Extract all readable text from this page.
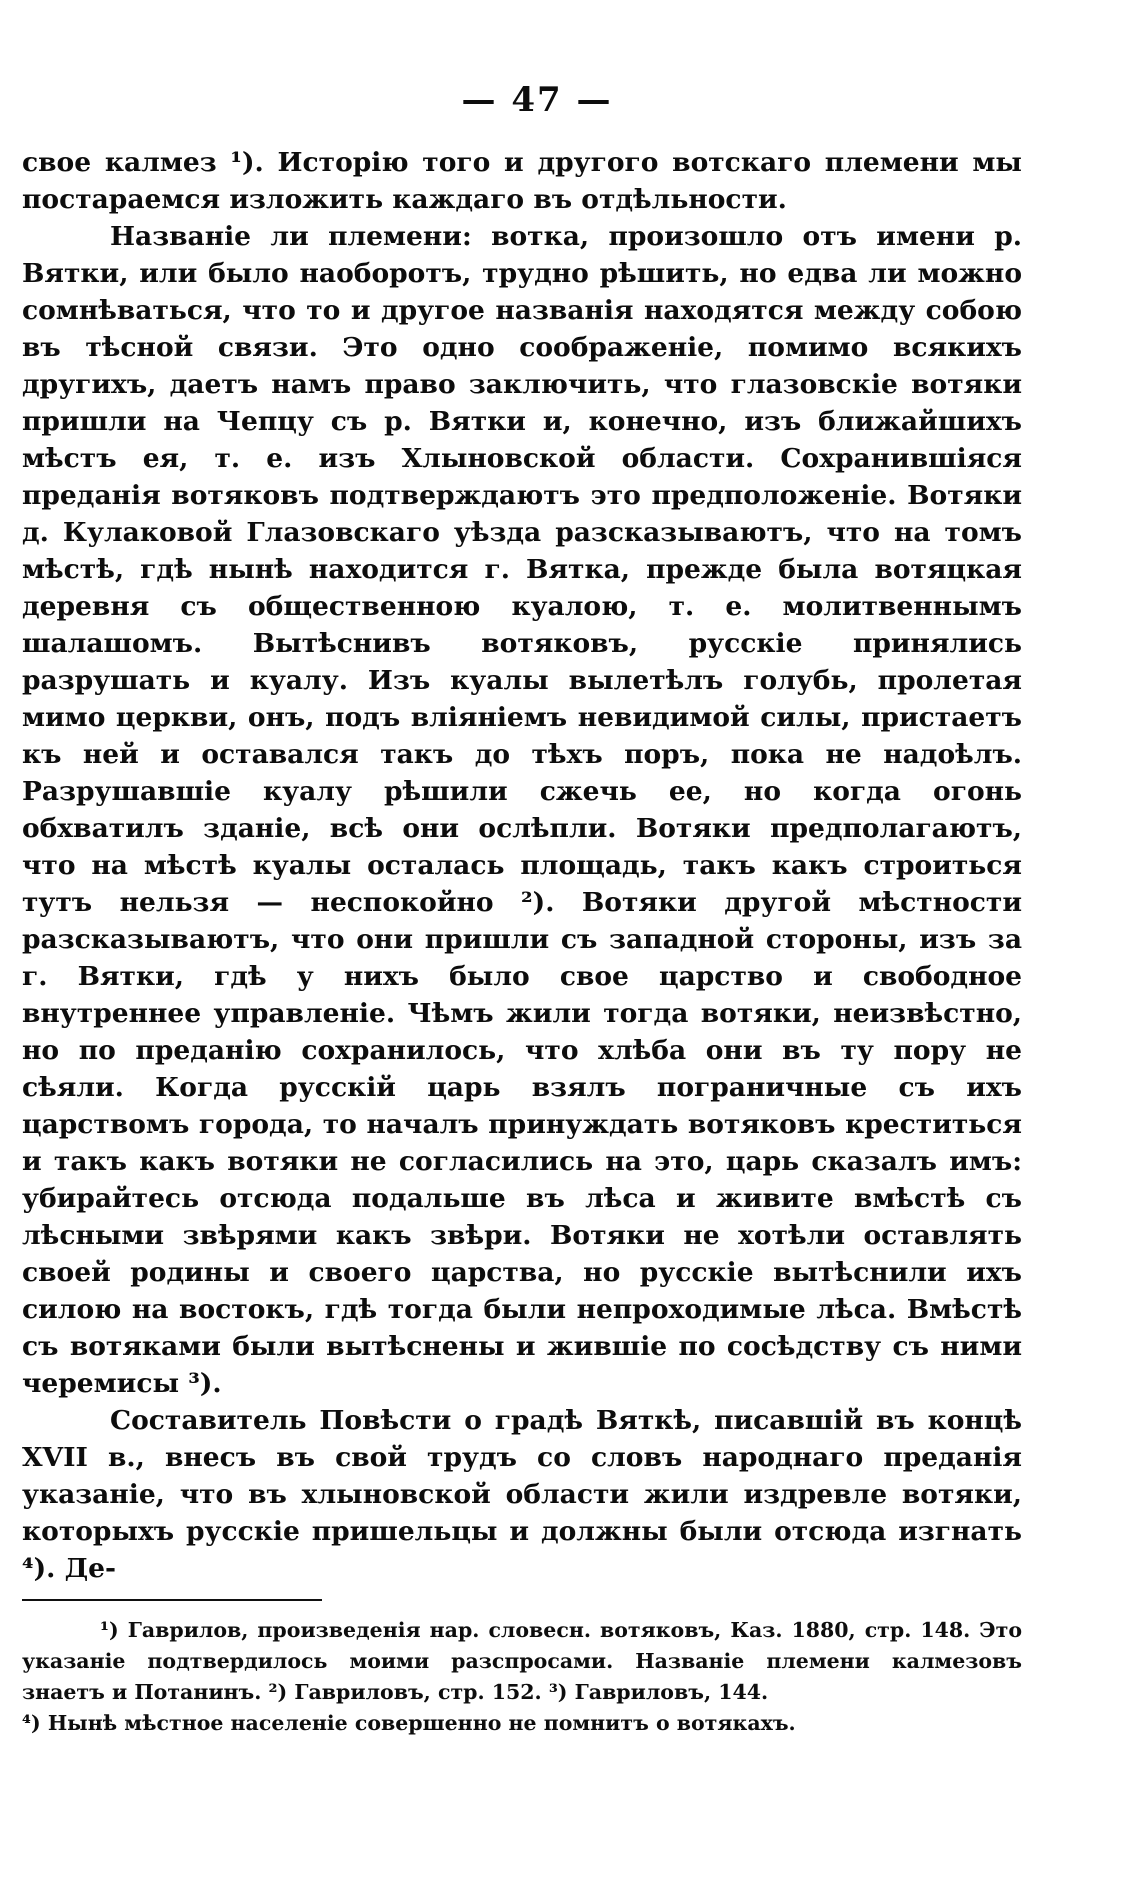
— 47 —

свое калмез ¹). Исторію того и другого вотскаго племени мы постараемся изложить каждаго въ отдѣльности.

Названіе ли племени: вотка, произошло отъ имени р. Вятки, или было наоборотъ, трудно рѣшить, но едва ли можно сомнѣваться, что то и другое названія находятся между собою въ тѣсной связи. Это одно соображеніе, помимо всякихъ другихъ, даетъ намъ право заключить, что глазовскіе вотяки пришли на Чепцу съ р. Вятки и, конечно, изъ ближайшихъ мѣстъ ея, т. е. изъ Хлыновской области. Сохранившіяся преданія вотяковъ подтверждаютъ это предположеніе. Вотяки д. Кулаковой Глазовскаго уѣзда разсказываютъ, что на томъ мѣстѣ, гдѣ нынѣ находится г. Вятка, прежде была вотяцкая деревня съ общественною куалою, т. е. молитвеннымъ шалашомъ. Вытѣснивъ вотяковъ, русскіе принялись разрушать и куалу. Изъ куалы вылетѣлъ голубь, пролетая мимо церкви, онъ, подъ вліяніемъ невидимой силы, пристаетъ къ ней и оставался такъ до тѣхъ поръ, пока не надоѣлъ. Разрушавшіе куалу рѣшили сжечь ее, но когда огонь обхватилъ зданіе, всѣ они ослѣпли. Вотяки предполагаютъ, что на мѣстѣ куалы осталась площадь, такъ какъ строиться тутъ нельзя — неспокойно ²). Вотяки другой мѣстности разсказываютъ, что они пришли съ западной стороны, изъ за г. Вятки, гдѣ у нихъ было свое царство и свободное внутреннее управленіе. Чѣмъ жили тогда вотяки, неизвѣстно, но по преданію сохранилось, что хлѣба они въ ту пору не сѣяли. Когда русскій царь взялъ пограничные съ ихъ царствомъ города, то началъ принуждать вотяковъ креститься и такъ какъ вотяки не согласились на это, царь сказалъ имъ: убирайтесь отсюда подальше въ лѣса и живите вмѣстѣ съ лѣсными звѣрями какъ звѣри. Вотяки не хотѣли оставлять своей родины и своего царства, но русскіе вытѣснили ихъ силою на востокъ, гдѣ тогда были непроходимые лѣса. Вмѣстѣ съ вотяками были вытѣснены и жившіе по сосѣдству съ ними черемисы ³).

Составитель Повѣсти о градѣ Вяткѣ, писавшій въ концѣ XVII в., внесъ въ свой трудъ со словъ народнаго преданія указаніе, что въ хлыновской области жили издревле вотяки, которыхъ русскіе пришельцы и должны были отсюда изгнать ⁴). Де-

¹) Гаврилов, произведенія нар. словесн. вотяковъ, Каз. 1880, стр. 148. Это указаніе подтвердилось моими разспросами. Названіе племени калмезовъ знаетъ и Потанинъ. ²) Гавриловъ, стр. 152. ³) Гавриловъ, 144.

⁴) Нынѣ мѣстное населеніе совершенно не помнитъ о вотякахъ.
